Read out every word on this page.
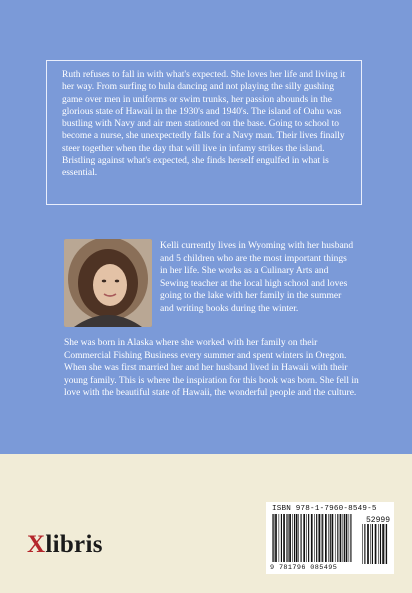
Ruth refuses to fall in with what's expected. She loves her life and living it her way. From surfing to hula dancing and not playing the silly gushing game over men in uniforms or swim trunks, her passion abounds in the glorious state of Hawaii in the 1930's and 1940's. The island of Oahu was bustling with Navy and air men stationed on the base. Going to school to become a nurse, she unexpectedly falls for a Navy man. Their lives finally steer together when the day that will live in infamy strikes the island. Bristling against what's expected, she finds herself engulfed in what is essential.

Kelli currently lives in Wyoming with her husband and 5 children who are the most important things in her life. She works as a Culinary Arts and Sewing teacher at the local high school and loves going to the lake with her family in the summer and writing books during the winter.

She was born in Alaska where she worked with her family on their Commercial Fishing Business every summer and spent winters in Oregon. When she was first married her and her husband lived in Hawaii with their young family. This is where the inspiration for this book was born. She fell in love with the beautiful state of Hawaii, the wonderful people and the culture.

Xlibris
ISBN 978-1-7960-8549-5
52999
9 781796 085495
